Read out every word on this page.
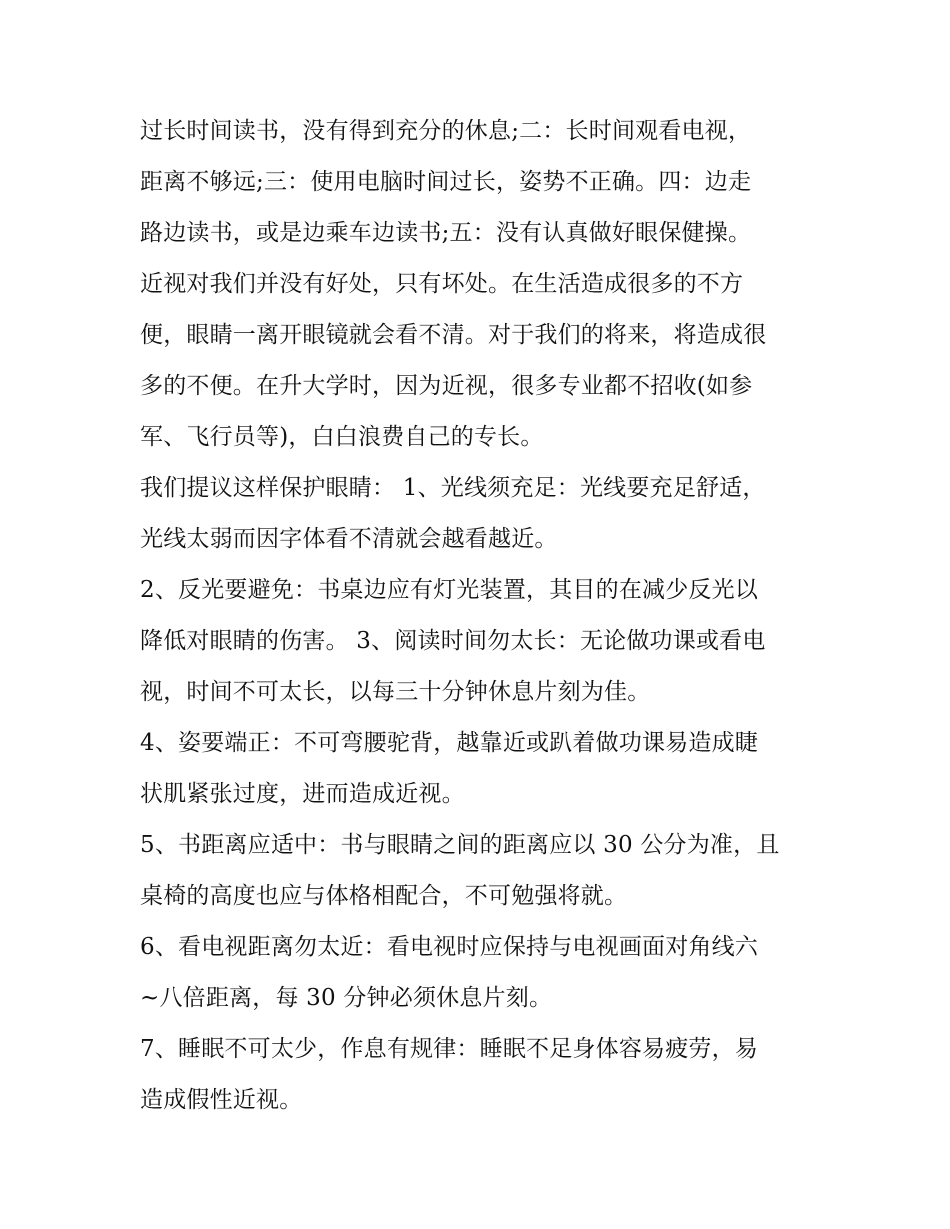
过长时间读书，没有得到充分的休息;二：长时间观看电视，
距离不够远;三：使用电脑时间过长，姿势不正确。四：边走
路边读书，或是边乘车边读书;五：没有认真做好眼保健操。
近视对我们并没有好处，只有坏处。在生活造成很多的不方
便，眼睛一离开眼镜就会看不清。对于我们的将来，将造成很
多的不便。在升大学时，因为近视，很多专业都不招收(如参
军、飞行员等)，白白浪费自己的专长。
我们提议这样保护眼睛： 1、光线须充足：光线要充足舒适，
光线太弱而因字体看不清就会越看越近。
2、反光要避免：书桌边应有灯光装置，其目的在减少反光以
降低对眼睛的伤害。 3、阅读时间勿太长：无论做功课或看电
视，时间不可太长，以每三十分钟休息片刻为佳。
4、姿要端正：不可弯腰驼背，越靠近或趴着做功课易造成睫
状肌紧张过度，进而造成近视。
5、书距离应适中：书与眼睛之间的距离应以 30 公分为准，且
桌椅的高度也应与体格相配合，不可勉强将就。
6、看电视距离勿太近：看电视时应保持与电视画面对角线六
~八倍距离，每 30 分钟必须休息片刻。
7、睡眠不可太少，作息有规律：睡眠不足身体容易疲劳，易
造成假性近视。
